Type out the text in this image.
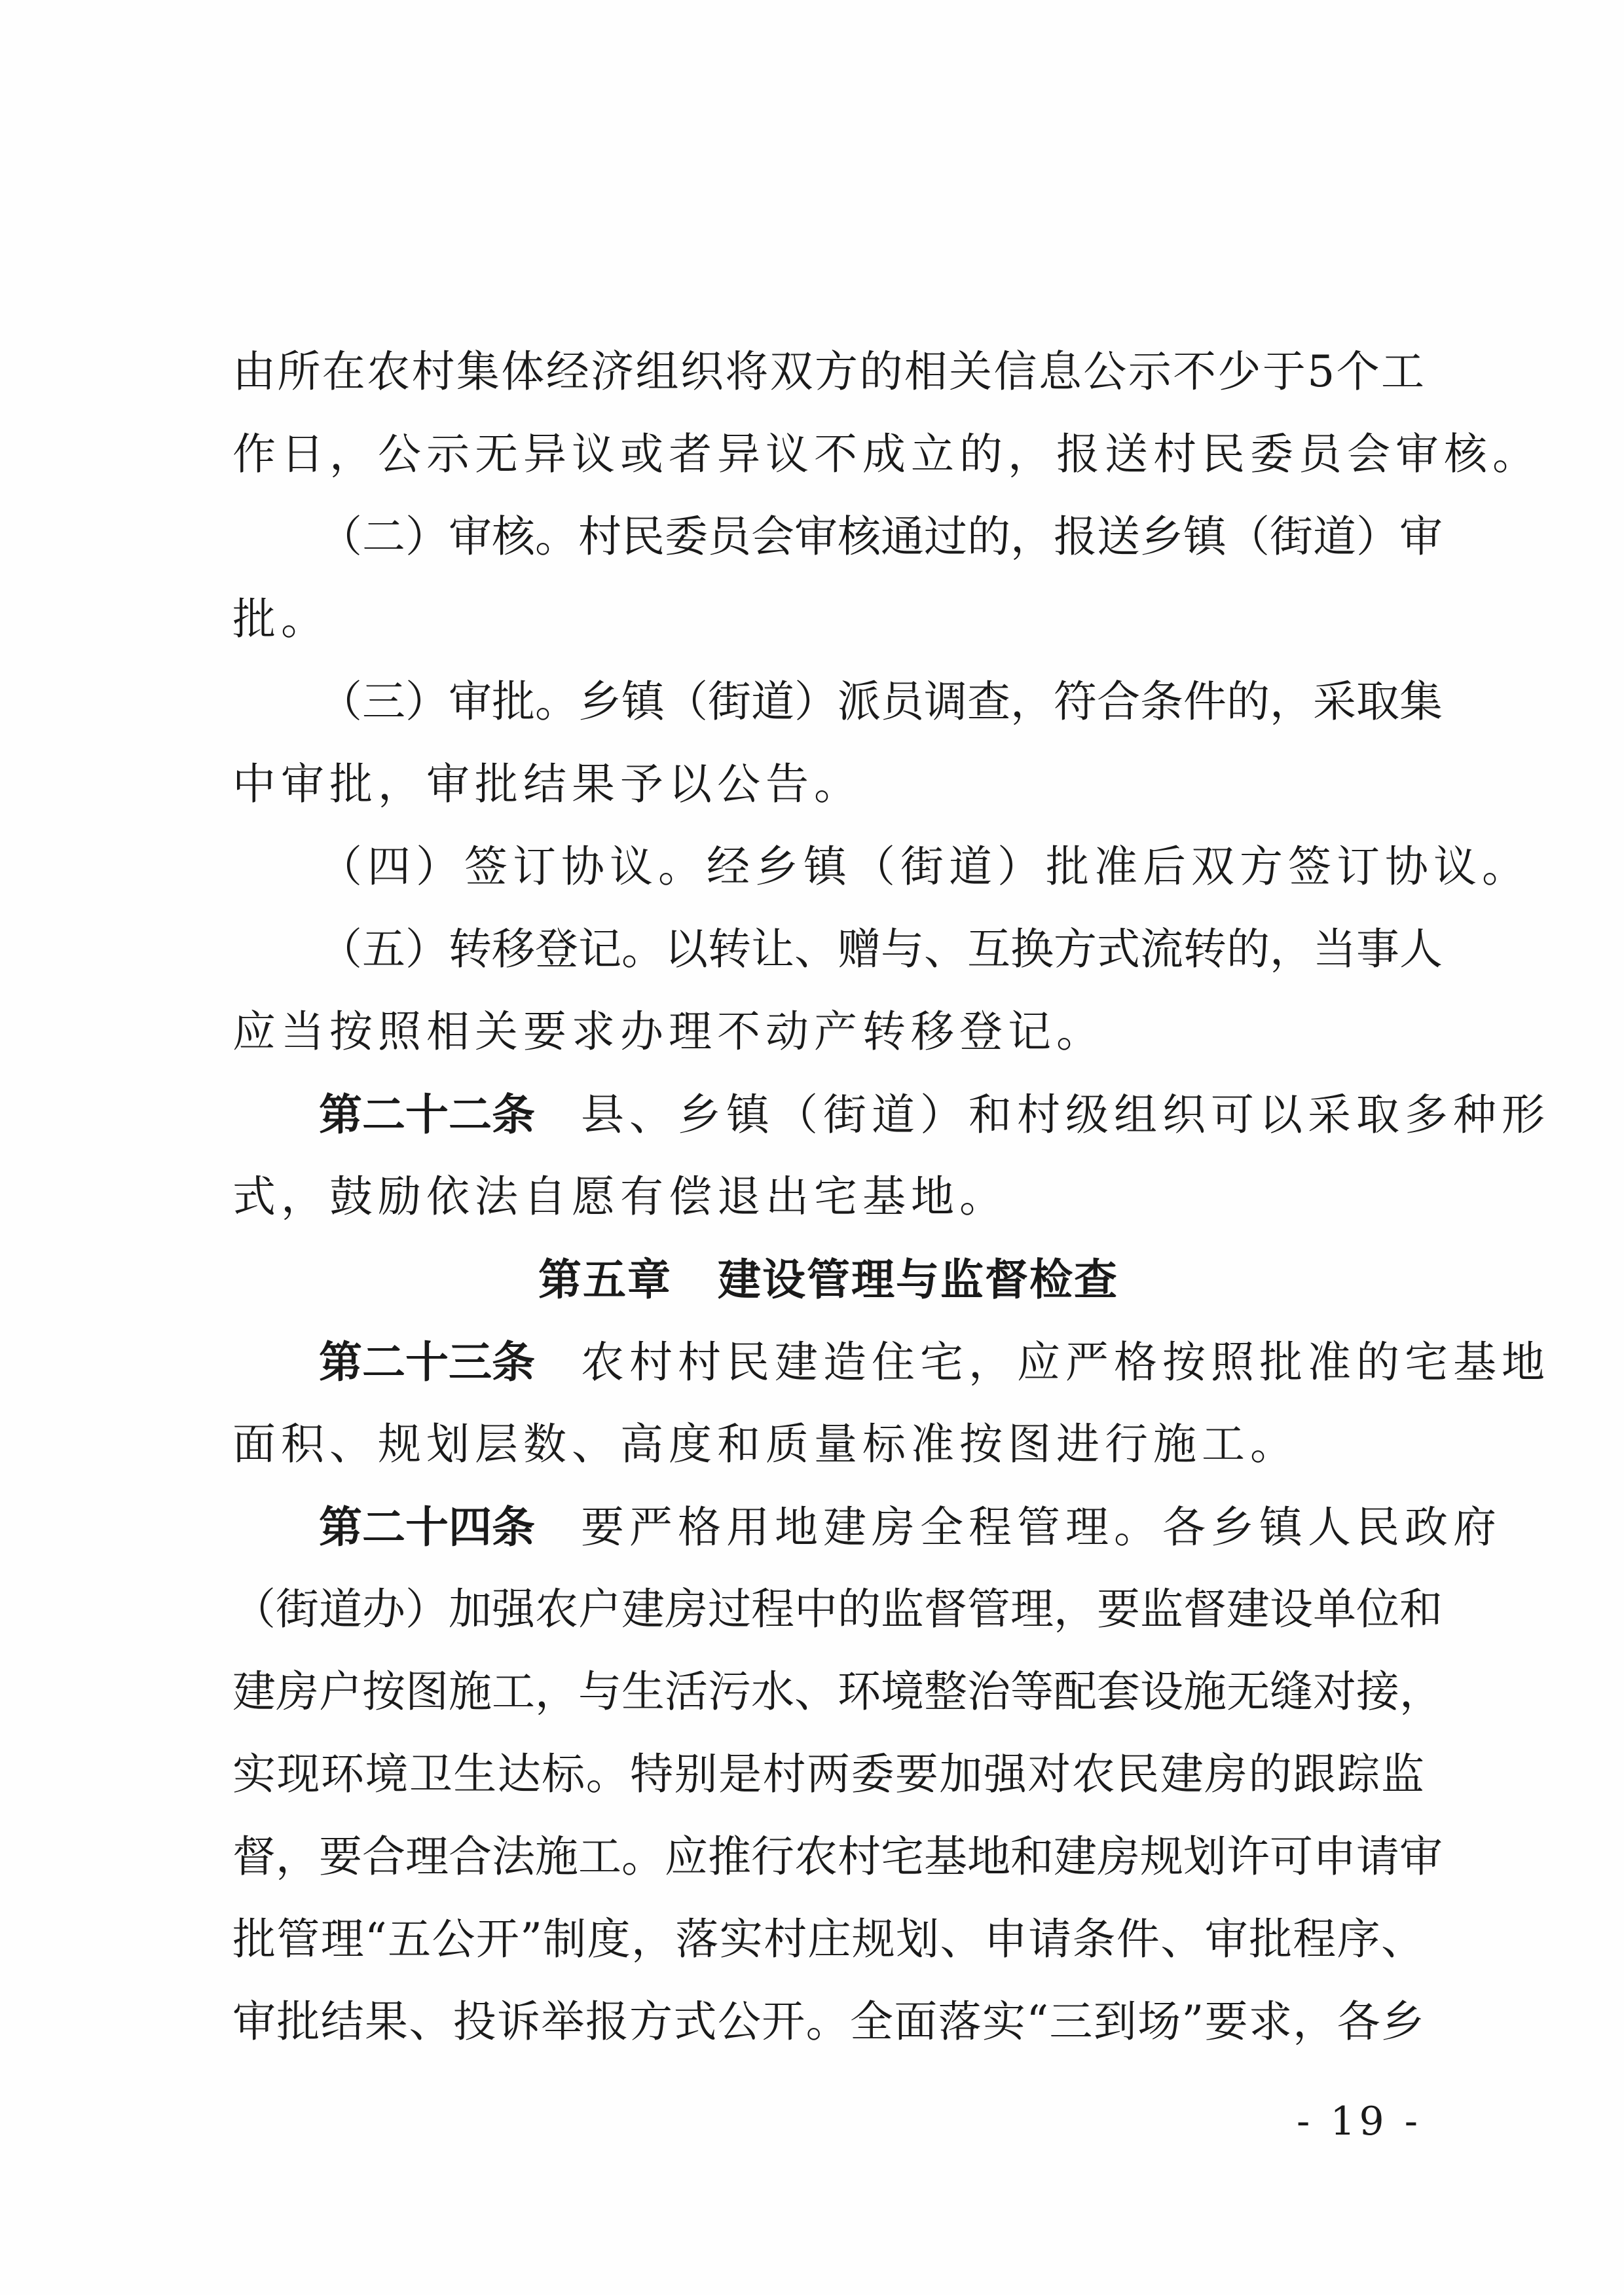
由所在农村集体经济组织将双方的相关信息公示不少于5个工
作日，公示无异议或者异议不成立的，报送村民委员会审核。
（二）审核。村民委员会审核通过的，报送乡镇（街道）审
批。
（三）审批。乡镇（街道）派员调查，符合条件的，采取集
中审批，审批结果予以公告。
（四）签订协议。经乡镇（街道）批准后双方签订协议。
（五）转移登记。以转让、赠与、互换方式流转的，当事人
应当按照相关要求办理不动产转移登记。
第二十二条 县、乡镇（街道）和村级组织可以采取多种形
式，鼓励依法自愿有偿退出宅基地。
第五章 建设管理与监督检查
第二十三条 农村村民建造住宅，应严格按照批准的宅基地
面积、规划层数、高度和质量标准按图进行施工。
第二十四条 要严格用地建房全程管理。各乡镇人民政府
（街道办）加强农户建房过程中的监督管理，要监督建设单位和
建房户按图施工，与生活污水、环境整治等配套设施无缝对接，
实现环境卫生达标。特别是村两委要加强对农民建房的跟踪监
督，要合理合法施工。应推行农村宅基地和建房规划许可申请审
批管理“五公开”制度，落实村庄规划、申请条件、审批程序、
审批结果、投诉举报方式公开。全面落实“三到场”要求，各乡
- 19 -
